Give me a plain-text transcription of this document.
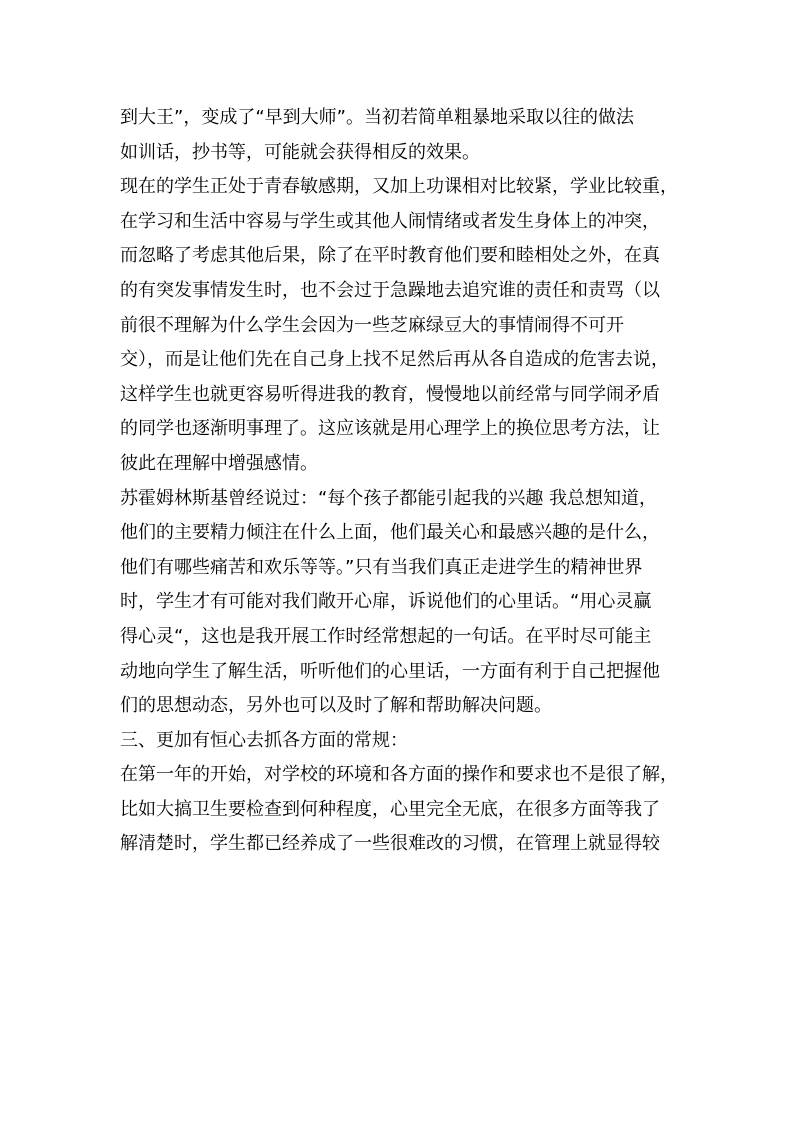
到大王”，变成了“早到大师”。当初若简单粗暴地采取以往的做法
如训话，抄书等，可能就会获得相反的效果。
现在的学生正处于青春敏感期，又加上功课相对比较紧，学业比较重，
在学习和生活中容易与学生或其他人闹情绪或者发生身体上的冲突，
而忽略了考虑其他后果，除了在平时教育他们要和睦相处之外，在真
的有突发事情发生时，也不会过于急躁地去追究谁的责任和责骂（以
前很不理解为什么学生会因为一些芝麻绿豆大的事情闹得不可开
交），而是让他们先在自己身上找不足然后再从各自造成的危害去说，
这样学生也就更容易听得进我的教育，慢慢地以前经常与同学闹矛盾
的同学也逐渐明事理了。这应该就是用心理学上的换位思考方法，让
彼此在理解中增强感情。
苏霍姆林斯基曾经说过：“每个孩子都能引起我的兴趣 我总想知道，
他们的主要精力倾注在什么上面，他们最关心和最感兴趣的是什么，
他们有哪些痛苦和欢乐等等。”只有当我们真正走进学生的精神世界
时，学生才有可能对我们敞开心扉，诉说他们的心里话。“用心灵赢
得心灵“，这也是我开展工作时经常想起的一句话。在平时尽可能主
动地向学生了解生活，听听他们的心里话，一方面有利于自己把握他
们的思想动态，另外也可以及时了解和帮助解决问题。
三、更加有恒心去抓各方面的常规：
在第一年的开始，对学校的环境和各方面的操作和要求也不是很了解，
比如大搞卫生要检查到何种程度，心里完全无底，在很多方面等我了
解清楚时，学生都已经养成了一些很难改的习惯，在管理上就显得较
